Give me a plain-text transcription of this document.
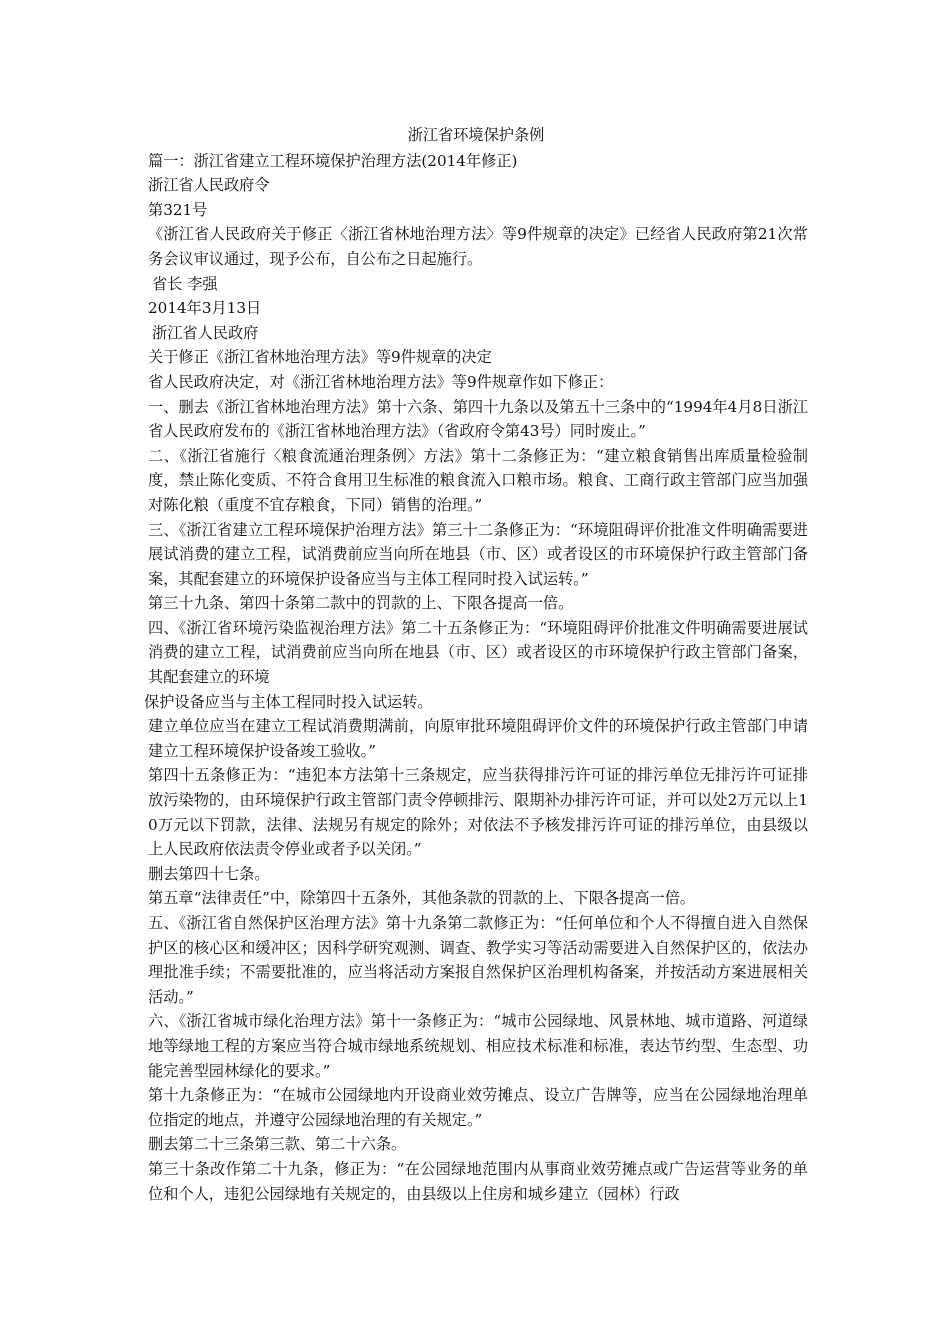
浙江省环境保护条例

篇一：浙江省建立工程环境保护治理方法(2014年修正)

浙江省人民政府令

第321号

《浙江省人民政府关于修正〈浙江省林地治理方法〉等9件规章的决定》已经省人民政府第21次常务会议审议通过，现予公布，自公布之日起施行。

省长 李强

2014年3月13日

浙江省人民政府

关于修正《浙江省林地治理方法》等9件规章的决定

省人民政府决定，对《浙江省林地治理方法》等9件规章作如下修正：

一、删去《浙江省林地治理方法》第十六条、第四十九条以及第五十三条中的“1994年4月8日浙江省人民政府发布的《浙江省林地治理方法》（省政府令第43号）同时废止。”

二、《浙江省施行〈粮食流通治理条例〉方法》第十二条修正为：“建立粮食销售出库质量检验制度，禁止陈化变质、不符合食用卫生标准的粮食流入口粮市场。粮食、工商行政主管部门应当加强对陈化粮（重度不宜存粮食，下同）销售的治理。”

三、《浙江省建立工程环境保护治理方法》第三十二条修正为：“环境阻碍评价批准文件明确需要进展试消费的建立工程，试消费前应当向所在地县（市、区）或者设区的市环境保护行政主管部门备案，其配套建立的环境保护设备应当与主体工程同时投入试运转。”

第三十九条、第四十条第二款中的罚款的上、下限各提高一倍。

四、《浙江省环境污染监视治理方法》第二十五条修正为：“环境阻碍评价批准文件明确需要进展试消费的建立工程，试消费前应当向所在地县（市、区）或者设区的市环境保护行政主管部门备案，其配套建立的环境

保护设备应当与主体工程同时投入试运转。

建立单位应当在建立工程试消费期满前，向原审批环境阻碍评价文件的环境保护行政主管部门申请建立工程环境保护设备竣工验收。”

第四十五条修正为：“违犯本方法第十三条规定，应当获得排污许可证的排污单位无排污许可证排放污染物的，由环境保护行政主管部门责令停顿排污、限期补办排污许可证，并可以处2万元以上10万元以下罚款，法律、法规另有规定的除外；对依法不予核发排污许可证的排污单位，由县级以上人民政府依法责令停业或者予以关闭。”

删去第四十七条。

第五章“法律责任”中，除第四十五条外，其他条款的罚款的上、下限各提高一倍。

五、《浙江省自然保护区治理方法》第十九条第二款修正为：“任何单位和个人不得擅自进入自然保护区的核心区和缓冲区；因科学研究观测、调查、教学实习等活动需要进入自然保护区的，依法办理批准手续；不需要批准的，应当将活动方案报自然保护区治理机构备案，并按活动方案进展相关活动。”

六、《浙江省城市绿化治理方法》第十一条修正为：“城市公园绿地、风景林地、城市道路、河道绿地等绿地工程的方案应当符合城市绿地系统规划、相应技术标准和标准，表达节约型、生态型、功能完善型园林绿化的要求。”

第十九条修正为：“在城市公园绿地内开设商业效劳摊点、设立广告牌等，应当在公园绿地治理单位指定的地点，并遵守公园绿地治理的有关规定。”

删去第二十三条第三款、第二十六条。

第三十条改作第二十九条，修正为：“在公园绿地范围内从事商业效劳摊点或广告运营等业务的单位和个人，违犯公园绿地有关规定的，由县级以上住房和城乡建立（园林）行政
